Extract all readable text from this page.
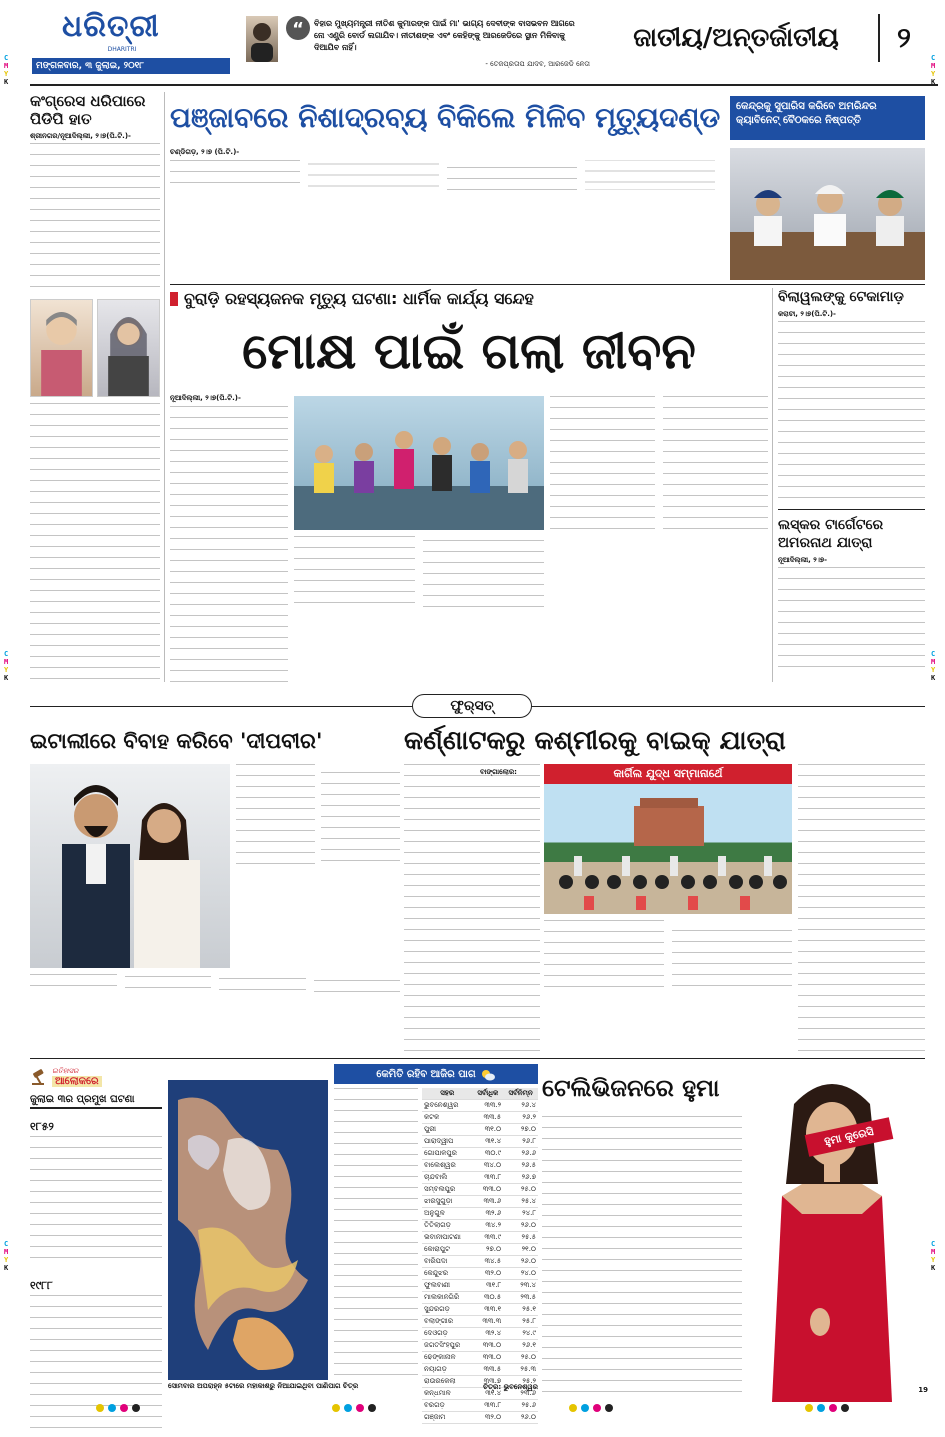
ଧରିତ୍ରୀ
DHARITRI
ମଙ୍ଗଳବାର, ୩ ଜୁଲାଇ, ୨୦୧୮
“	ବିହାର ମୁଖ୍ୟମନ୍ତ୍ରୀ ନୀତିଶ କୁମାରଙ୍କ ପାଇଁ ମା' ଭାଗ୍ୟ ଦେବୀଙ୍କ ବାସଭବନ ଆଗରେ ନୋ ଏଣ୍ଟ୍ରି ବୋର୍ଡ ଲଗାଯିବ। ନୀତୀଶଙ୍କ ଏବଂ କେହିଙ୍କୁ ଆରଜେଡିରେ ସ୍ଥାନ ମିଳିବାକୁ ଦିଆଯିବ ନାହିଁ।
- ତେଜପ୍ରତାପ ଯାଦବ, ଆରଜେଡି ନେତା
ଜାତୀୟ/ଅନ୍ତର୍ଜାତୀୟ	୨
C
M
Y
K
C
M
Y
K
C
M
Y
K
C
M
Y
K
C
M
Y
K
C
M
Y
K
କଂଗ୍ରେସ ଧରିପାରେ ପିଡିପି ହାତ
ଶ୍ରୀନଗର/ନୂଆଦିଲ୍ଲୀ, ୨।୭(ପି.ଟି.)-
ପଞ୍ଜାବରେ ନିଶାଦ୍ରବ୍ୟ ବିକିଲେ ମିଳିବ ମୃତ୍ୟୁଦଣ୍ଡ	କେନ୍ଦ୍ରକୁ ସୁପାରିସ କରିବେ ଅମରିନ୍ଦର କ୍ୟାବିନେଟ୍ ବୈଠକରେ ନିଷ୍ପତ୍ତି
ଚଣ୍ଡିଗଡ଼, ୨।୭ (ପି.ଟି.)-
ବୁରାଡ଼ି ରହସ୍ୟଜନକ ମୃତ୍ୟୁ ଘଟଣା: ଧାର୍ମିକ କାର୍ଯ୍ୟ ସନ୍ଦେହ
ମୋକ୍ଷ ପାଇଁ ଗଲା ଜୀବନ
ନୂଆଦିଲ୍ଲୀ, ୨।୭(ପି.ଟି.)-
ବିଲାୱଲଙ୍କୁ ଟେକାମାଡ଼
କରାଚୀ, ୨।୭(ପି.ଟି.)-
ଲସ୍କର ଟାର୍ଗେଟରେ ଅମରନାଥ ଯାତ୍ରା
ନୂଆଦିଲ୍ଲୀ, ୨।୭-
ଫୁର୍‌ସତ୍
ଇଟାଲୀରେ ବିବାହ କରିବେ 'ଦୀପବୀର'	କର୍ଣ୍ଣାଟକରୁ କଶ୍ମୀରକୁ ବାଇକ୍ ଯାତ୍ରା
ବାଙ୍ଗାଲୋର:	କାର୍ଗିଲ ଯୁଦ୍ଧ ସମ୍ମାନାର୍ଥେ
ଇତିହାସର
ଆଲୋକରେ
ଜୁଲାଇ ୩ର ପ୍ରମୁଖ ଘଟଣା
୧୮୫୨
୧୯୮୮
ସୋମବାର ଅପରାହ୍ନ ୫ଟାରେ ମହାକାଶରୁ ନିଆଯାଇଥିବା ପାଣିପାଗ ଚିତ୍ର
କେମିତି ରହିବ ଆଜିର ପାଗ
ସହର	ସର୍ବାଧିକ	ସର୍ବନିମ୍ନ
ଭୁବନେଶ୍ୱର	୩୩.୨	୨୬.୪
କଟକ	୩୩.୫	୨୬.୨
ପୁରୀ	୩୧.୦	୨୭.୦
ପାରାଦ୍ୱୀପ	୩୧.୪	୨୬.୮
ଗୋପାଳପୁର	୩୦.୯	୨୬.୬
ବାଲେଶ୍ୱର	୩୪.୦	୨୬.୫
ଚାନ୍ଦବାଲି	୩୩.୮	୨୬.୭
ସମ୍ବଲପୁର	୩୩.୦	୨୫.୦
ଝାରସୁଗୁଡ଼ା	୩୩.୬	୨୫.୪
ଅନୁଗୁଳ	୩୨.୬	୨୪.୮
ତିତିଲାଗଡ଼	୩୪.୨	୨୬.୦
ଭବାନୀପାଟଣା	୩୩.୯	୨୫.୫
କୋରାପୁଟ	୨୭.୦	୨୧.୦
ବାରିପଦା	୩୪.୫	୨୬.୦
କେନ୍ଦୁଝର	୩୨.୦	୨୪.୦
ଫୁଲବାଣୀ	୩୧.୮	୨୩.୪
ମାଲକାନଗିରି	୩୦.୫	୨୩.୫
ସୁନ୍ଦରଗଡ଼	୩୩.୧	୨୫.୧
ବଲାଙ୍ଗୀର	୩୩.୩	୨୫.୮
ଦେଓଗଡ଼	୩୨.୪	୨୪.୯
ଜଗତସିଂହପୁର	୩୩.୦	୨୬.୧
ଢେଙ୍କାନାଳ	୩୩.୦	୨୫.୦
ନୟାଗଡ଼	୩୩.୫	୨୫.୩
ରାଉରକେଲା	୩୩.୭	୨୫.୨
କନ୍ଧମାଳ	୩୧.୪	୨୩.୬
ବରଗଡ଼	୩୩.୮	୨୫.୬
ଗଞ୍ଜାମ	୩୨.୦	୨୬.୦
ଚିତ୍ର: ଭୁବନେଶ୍ୱର
ଟେଲିଭିଜନରେ ହୁମା
ହୁମା କୁରେସି
19
